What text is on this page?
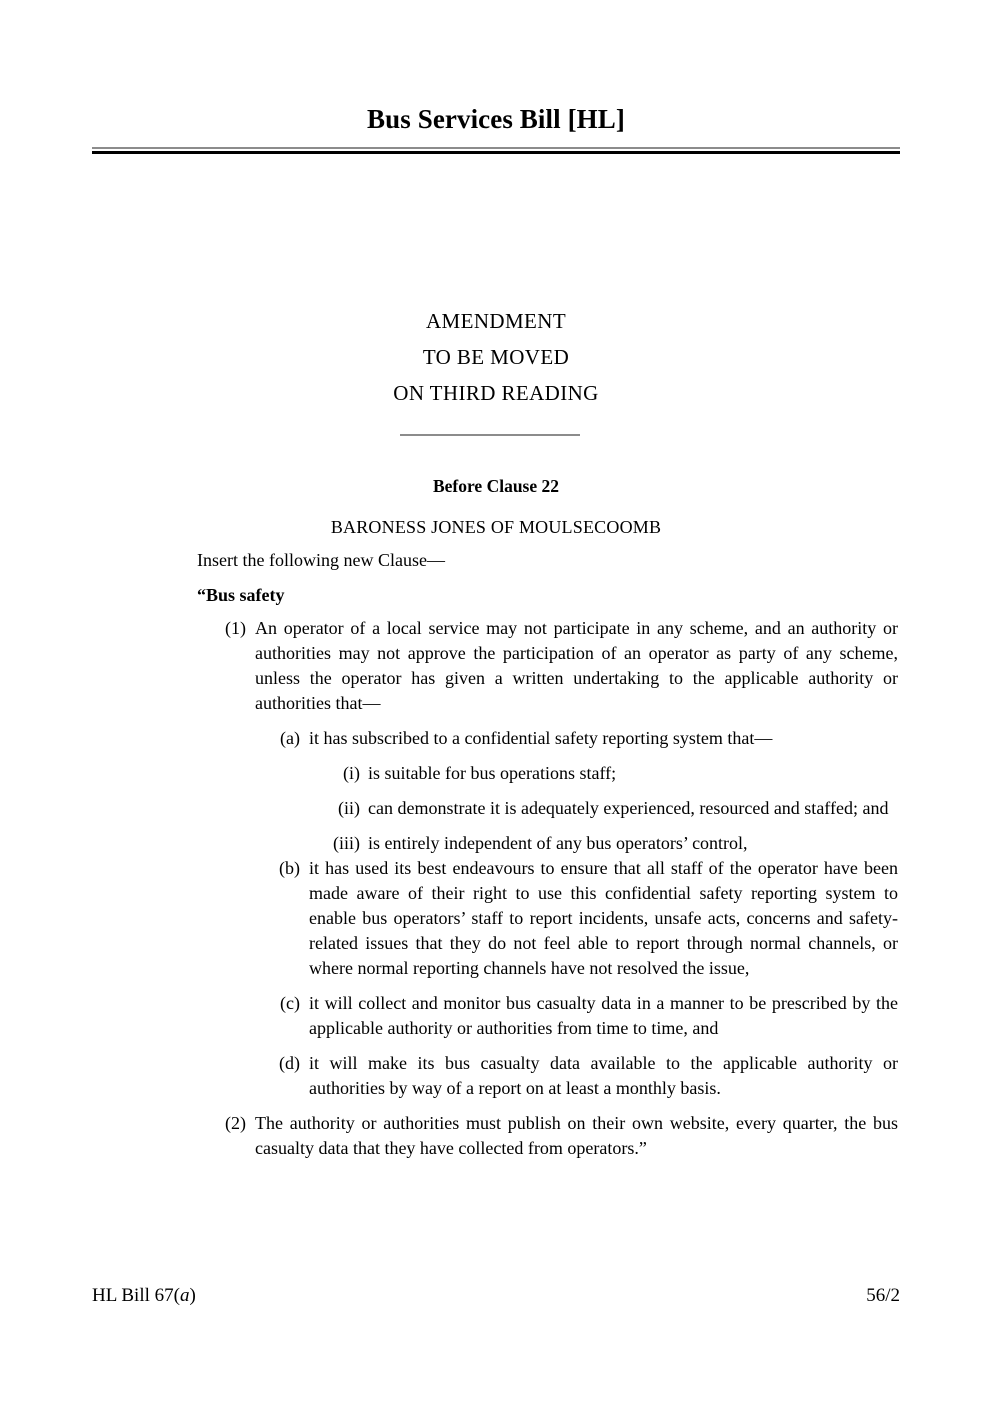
Bus Services Bill [HL]
AMENDMENT
TO BE MOVED
ON THIRD READING
Before Clause 22
BARONESS JONES OF MOULSECOOMB

Insert the following new Clause—

“Bus safety

(1) An operator of a local service may not participate in any scheme, and an authority or authorities may not approve the participation of an operator as party of any scheme, unless the operator has given a written undertaking to the applicable authority or authorities that—
(a) it has subscribed to a confidential safety reporting system that—
(i) is suitable for bus operations staff;
(ii) can demonstrate it is adequately experienced, resourced and staffed; and
(iii) is entirely independent of any bus operators’ control,
(b) it has used its best endeavours to ensure that all staff of the operator have been made aware of their right to use this confidential safety reporting system to enable bus operators’ staff to report incidents, unsafe acts, concerns and safety-related issues that they do not feel able to report through normal channels, or where normal reporting channels have not resolved the issue,
(c) it will collect and monitor bus casualty data in a manner to be prescribed by the applicable authority or authorities from time to time, and
(d) it will make its bus casualty data available to the applicable authority or authorities by way of a report on at least a monthly basis.
(2) The authority or authorities must publish on their own website, every quarter, the bus casualty data that they have collected from operators.”
HL Bill 67(a)	56/2
